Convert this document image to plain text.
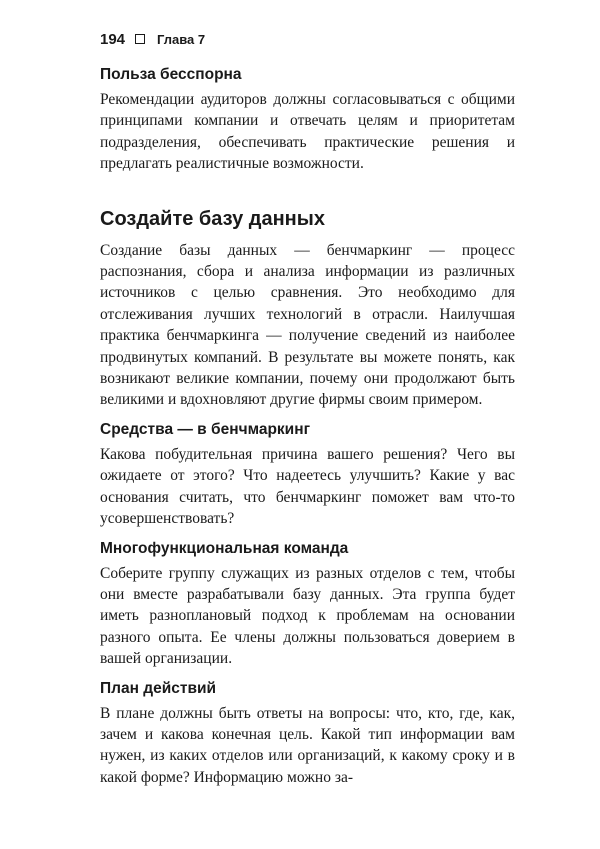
194 Глава 7
Польза бесспорна

Рекомендации аудиторов должны согласовываться с общими принципами компании и отвечать целям и приоритетам подразделения, обеспечивать практические решения и предлагать реалистичные возможности.

Создайте базу данных

Создание базы данных — бенчмаркинг — процесс распознания, сбора и анализа информации из различных источников с целью сравнения. Это необходимо для отслеживания лучших технологий в отрасли. Наилучшая практика бенчмаркинга — получение сведений из наиболее продвинутых компаний. В результате вы можете понять, как возникают великие компании, почему они продолжают быть великими и вдохновляют другие фирмы своим примером.

Средства — в бенчмаркинг

Какова побудительная причина вашего решения? Чего вы ожидаете от этого? Что надеетесь улучшить? Какие у вас основания считать, что бенчмаркинг поможет вам что-то усовершенствовать?

Многофункциональная команда

Соберите группу служащих из разных отделов с тем, чтобы они вместе разрабатывали базу данных. Эта группа будет иметь разноплановый подход к проблемам на основании разного опыта. Ее члены должны пользоваться доверием в вашей организации.

План действий

В плане должны быть ответы на вопросы: что, кто, где, как, зачем и какова конечная цель. Какой тип информации вам нужен, из каких отделов или организаций, к какому сроку и в какой форме? Информацию можно за-
